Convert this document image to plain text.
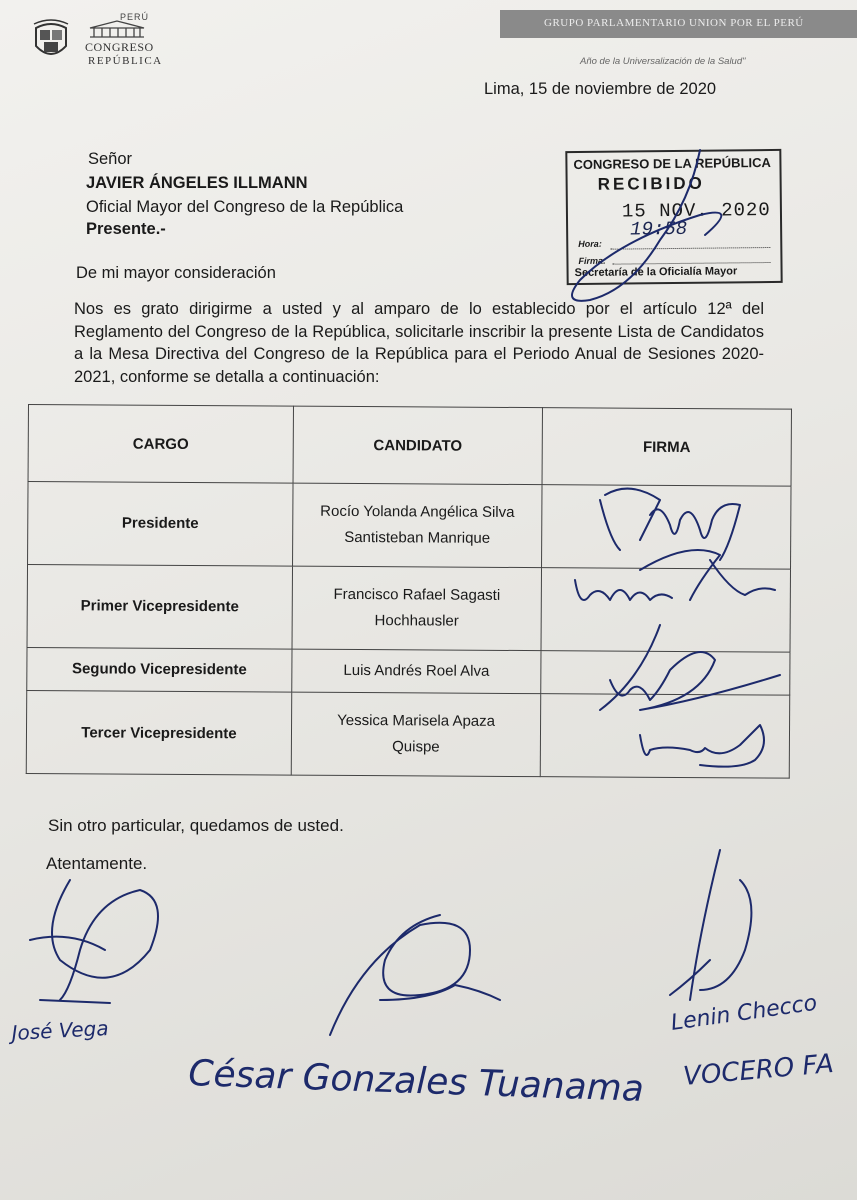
PERÚ
CONGRESO
REPÚBLICA
GRUPO PARLAMENTARIO UNION POR EL PERÚ
Año de la Universalización de la Salud"
Lima, 15 de noviembre de 2020
Señor
JAVIER ÁNGELES ILLMANN
Oficial Mayor del Congreso de la República
Presente.-
CONGRESO DE LA REPÚBLICA
RECIBIDO
15 NOV. 2020
19:58
Hora:
Firma:
Secretaría de la Oficialía Mayor
De mi mayor consideración

Nos es grato dirigirme a usted y al amparo de lo establecido por el artículo 12ª del Reglamento del Congreso de la República, solicitarle inscribir la presente Lista de Candidatos a la Mesa Directiva del Congreso de la República para el Periodo Anual de Sesiones 2020-2021, conforme se detalla a continuación:

CARGO	CANDIDATO	FIRMA
Presidente	Rocío Yolanda Angélica Silva
Santisteban Manrique	
Primer Vicepresidente	Francisco Rafael Sagasti
Hochhausler	
Segundo Vicepresidente	Luis Andrés Roel Alva	
Tercer Vicepresidente	Yessica Marisela Apaza
Quispe	
Sin otro particular, quedamos de usted.
Atentamente.
José Vega
César Gonzales Tuanama
Lenin Checco
VOCERO FA
